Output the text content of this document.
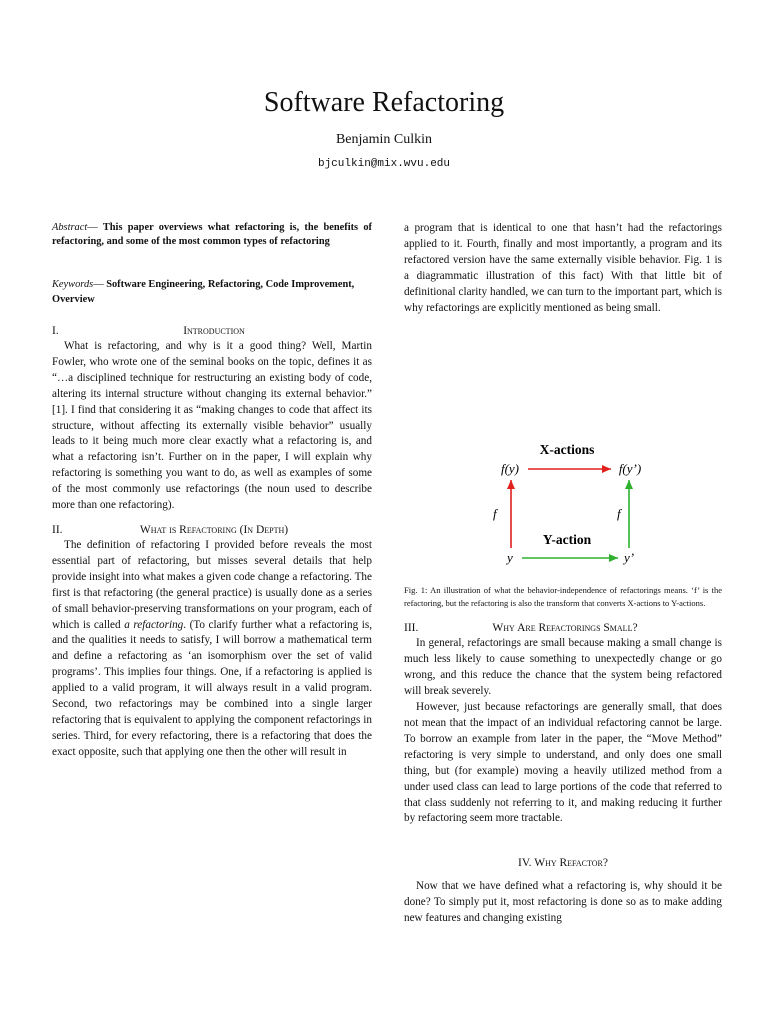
Software Refactoring
Benjamin Culkin
bjculkin@mix.wvu.edu

Abstract— This paper overviews what refactoring is, the benefits of refactoring, and some of the most common types of refactoring

Keywords— Software Engineering, Refactoring, Code Improvement, Overview

I.	Introduction

What is refactoring, and why is it a good thing? Well, Martin Fowler, who wrote one of the seminal books on the topic, defines it as “…a disciplined technique for restructuring an existing body of code, altering its internal structure without changing its external behavior.” [1]. I find that considering it as “making changes to code that affect its structure, without affecting its externally visible behavior” usually leads to it being much more clear exactly what a refactoring is, and what a refactoring isn’t. Further on in the paper, I will explain why refactoring is something you want to do, as well as examples of some of the most commonly use refactorings (the noun used to describe more than one refactoring).

II.	What is Refactoring (In Depth)

The definition of refactoring I provided before reveals the most essential part of refactoring, but misses several details that help provide insight into what makes a given code change a refactoring. The first is that refactoring (the general practice) is usually done as a series of small behavior-preserving transformations on your program, each of which is called a refactoring. (To clarify further what a refactoring is, and the qualities it needs to satisfy, I will borrow a mathematical term and define a refactoring as ‘an isomorphism over the set of valid programs’. This implies four things. One, if a refactoring is applied is applied to a valid program, it will always result in a valid program. Second, two refactorings may be combined into a single larger refactoring that is equivalent to applying the component refactorings in series. Third, for every refactoring, there is a refactoring that does the exact opposite, such that applying one then the other will result in

a program that is identical to one that hasn’t had the refactorings applied to it. Fourth, finally and most importantly, a program and its refactored version have the same externally visible behavior. Fig. 1 is a diagrammatic illustration of this fact) With that little bit of definitional clarity handled, we can turn to the important part, which is why refactorings are explicitly mentioned as being small.

X-actions
f(y)	f(y’)
f	f
Y-action
y	y’

Fig. 1: An illustration of what the behavior-independence of refactorings means. ‘f’ is the refactoring, but the refactoring is also the transform that converts X-actions to Y-actions.

III.	Why Are Refactorings Small?

In general, refactorings are small because making a small change is much less likely to cause something to unexpectedly change or go wrong, and this reduce the chance that the system being refactored will break severely.

However, just because refactorings are generally small, that does not mean that the impact of an individual refactoring cannot be large. To borrow an example from later in the paper, the “Move Method” refactoring is very simple to understand, and only does one small thing, but (for example) moving a heavily utilized method from a under used class can lead to large portions of the code that referred to that class suddenly not referring to it, and making reducing it further by refactoring seem more tractable.

IV. Why Refactor?

Now that we have defined what a refactoring is, why should it be done? To simply put it, most refactoring is done so as to make adding new features and changing existing
